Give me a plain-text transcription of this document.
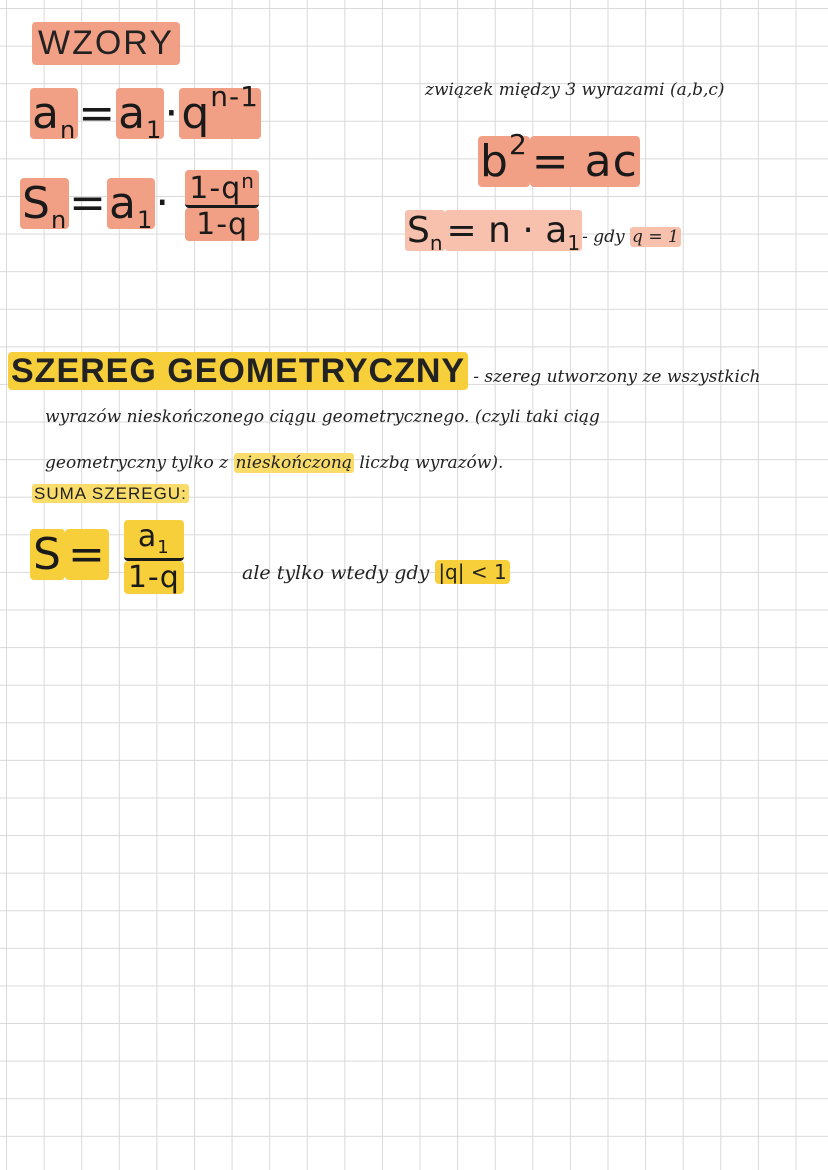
WZORY
$a_n=a_1\cdot q^{n-1}$
$S_n=a_1\cdot \frac{1-q^n}{1-q}$
związek między 3 wyrazami (a,b,c)
$b^2=$ ac
$S_n = n \cdot a_1$ - gdy q = 1
SZEREG GEOMETRYCZNY - szereg utworzony ze wszystkich
wyrazów nieskończonego ciągu geometrycznego. (czyli taki ciąg
geometryczny tylko z nieskończoną liczbą wyrazów).
SUMA SZEREGU:
$S = \frac{a_1}{1-q}$	ale tylko wtedy gdy |q| < 1
